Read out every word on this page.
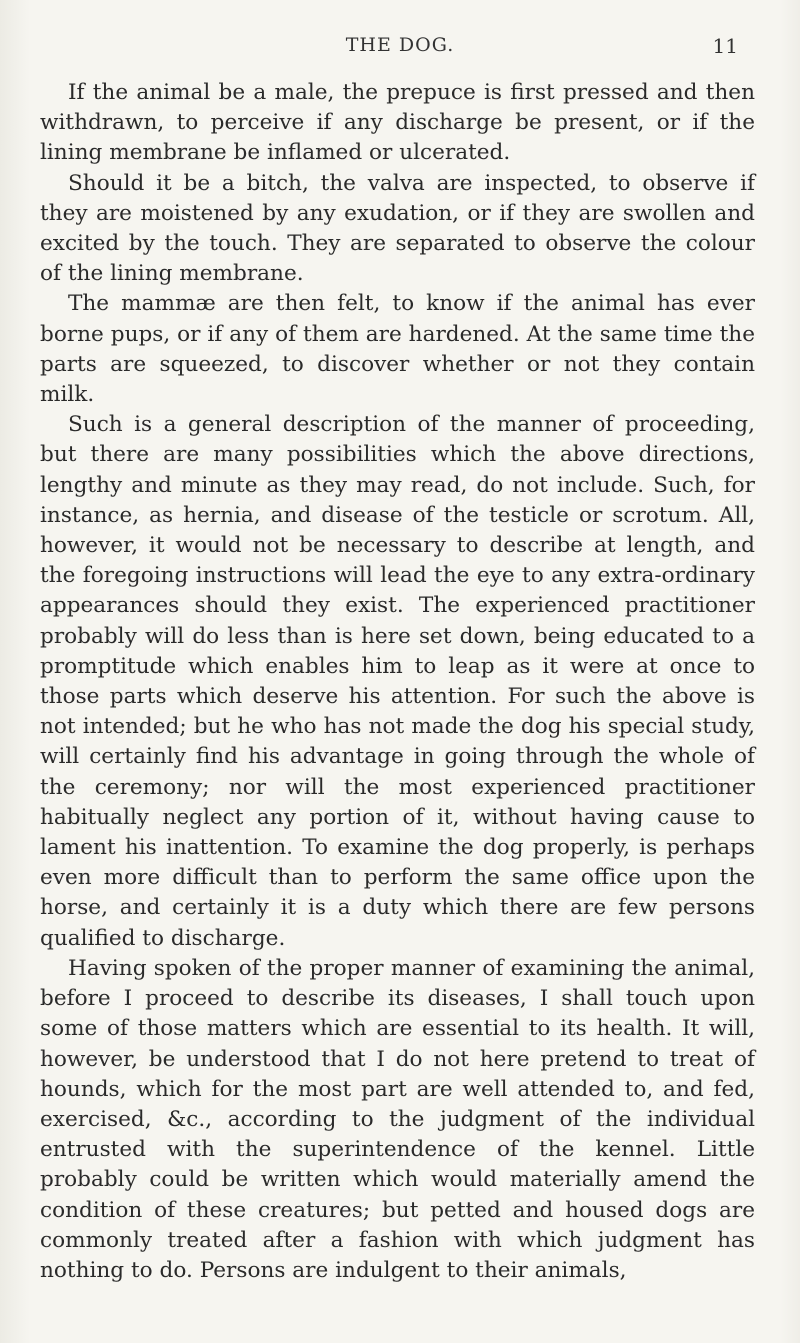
THE DOG.	11

If the animal be a male, the prepuce is first pressed and then withdrawn, to perceive if any discharge be present, or if the lining membrane be inflamed or ulcerated.

Should it be a bitch, the valva are inspected, to observe if they are moistened by any exudation, or if they are swollen and excited by the touch. They are separated to observe the colour of the lining membrane.

The mammæ are then felt, to know if the animal has ever borne pups, or if any of them are hardened. At the same time the parts are squeezed, to discover whether or not they contain milk.

Such is a general description of the manner of proceeding, but there are many possibilities which the above directions, lengthy and minute as they may read, do not include. Such, for instance, as hernia, and disease of the testicle or scrotum. All, however, it would not be necessary to describe at length, and the foregoing instructions will lead the eye to any extra-ordinary appearances should they exist. The experienced practitioner probably will do less than is here set down, being educated to a promptitude which enables him to leap as it were at once to those parts which deserve his attention. For such the above is not intended; but he who has not made the dog his special study, will certainly find his advantage in going through the whole of the ceremony; nor will the most experienced practitioner habitually neglect any portion of it, without having cause to lament his inattention. To examine the dog properly, is perhaps even more difficult than to perform the same office upon the horse, and certainly it is a duty which there are few persons qualified to discharge.

Having spoken of the proper manner of examining the animal, before I proceed to describe its diseases, I shall touch upon some of those matters which are essential to its health. It will, however, be understood that I do not here pretend to treat of hounds, which for the most part are well attended to, and fed, exercised, &c., according to the judgment of the individual entrusted with the superintendence of the kennel. Little probably could be written which would materially amend the condition of these creatures; but petted and housed dogs are commonly treated after a fashion with which judgment has nothing to do. Persons are indulgent to their animals,
